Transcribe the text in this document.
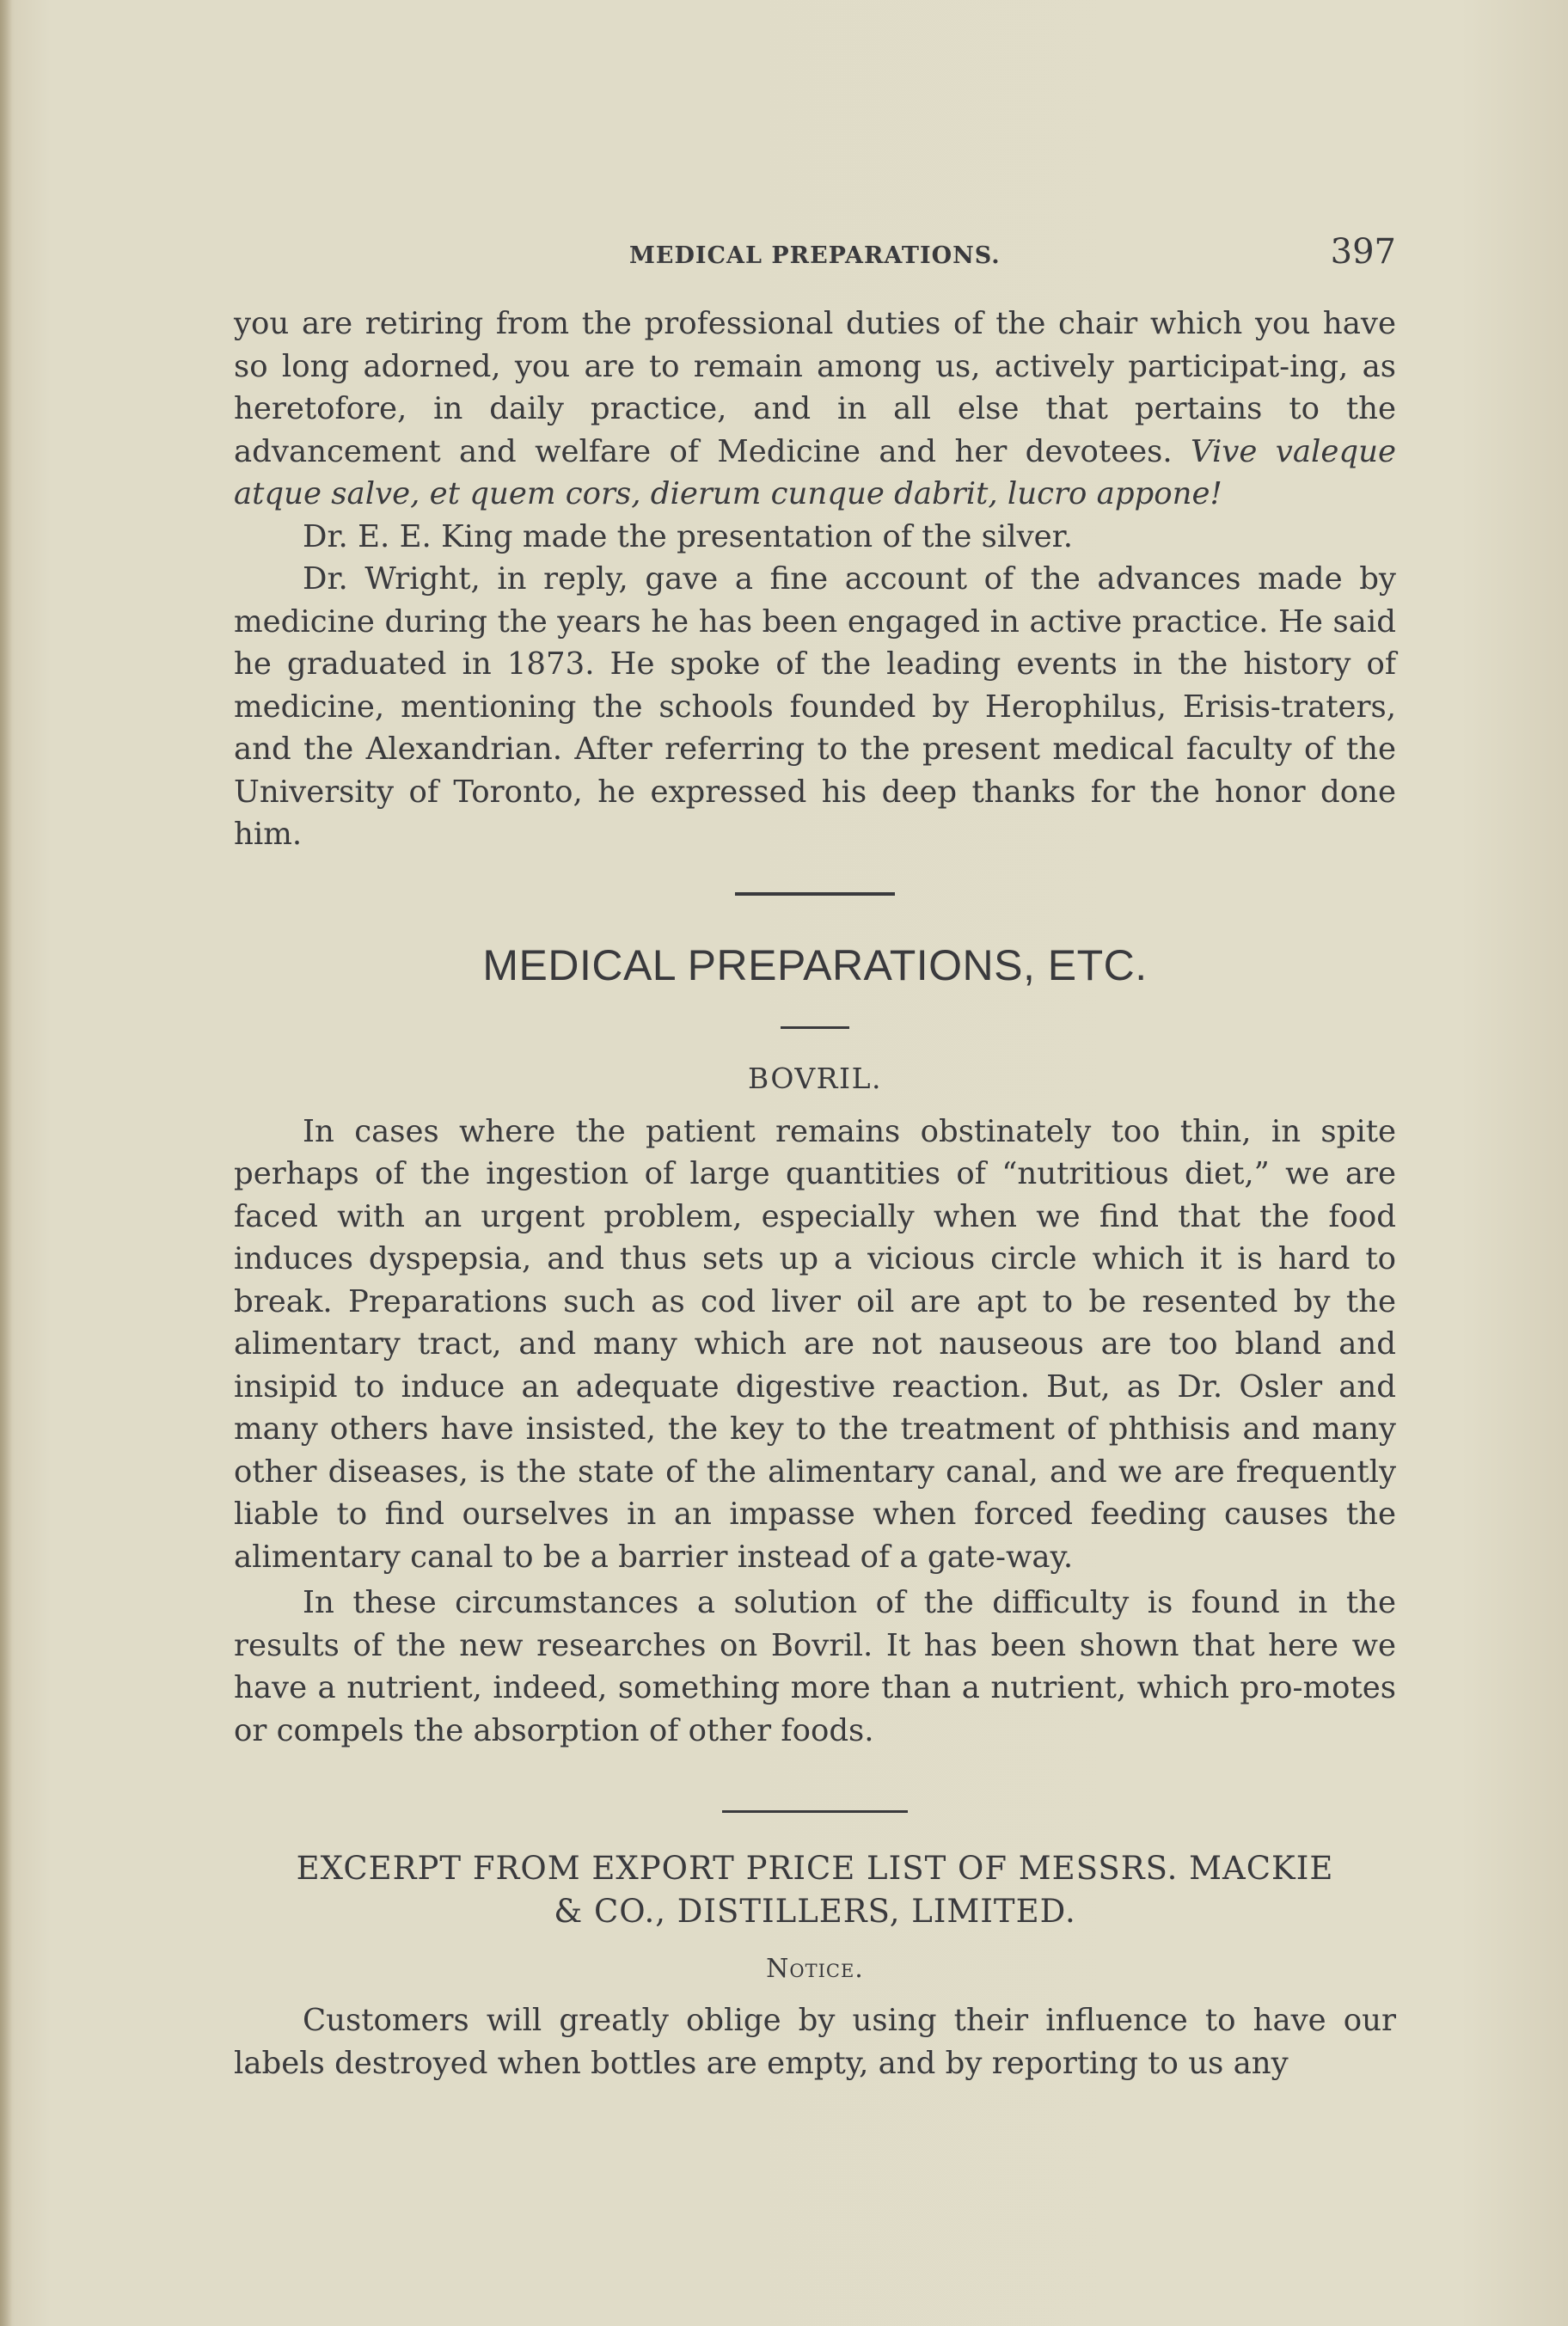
MEDICAL PREPARATIONS.	397

you are retiring from the professional duties of the chair which you have so long adorned, you are to remain among us, actively participat-ing, as heretofore, in daily practice, and in all else that pertains to the advancement and welfare of Medicine and her devotees. Vive valeque atque salve, et quem cors, dierum cunque dabrit, lucro appone!

Dr. E. E. King made the presentation of the silver.

Dr. Wright, in reply, gave a fine account of the advances made by medicine during the years he has been engaged in active practice. He said he graduated in 1873. He spoke of the leading events in the history of medicine, mentioning the schools founded by Herophilus, Erisis-traters, and the Alexandrian. After referring to the present medical faculty of the University of Toronto, he expressed his deep thanks for the honor done him.

MEDICAL PREPARATIONS, ETC.
BOVRIL.

In cases where the patient remains obstinately too thin, in spite perhaps of the ingestion of large quantities of “nutritious diet,” we are faced with an urgent problem, especially when we find that the food induces dyspepsia, and thus sets up a vicious circle which it is hard to break. Preparations such as cod liver oil are apt to be resented by the alimentary tract, and many which are not nauseous are too bland and insipid to induce an adequate digestive reaction. But, as Dr. Osler and many others have insisted, the key to the treatment of phthisis and many other diseases, is the state of the alimentary canal, and we are frequently liable to find ourselves in an impasse when forced feeding causes the alimentary canal to be a barrier instead of a gate-way.

In these circumstances a solution of the difficulty is found in the results of the new researches on Bovril. It has been shown that here we have a nutrient, indeed, something more than a nutrient, which pro-motes or compels the absorption of other foods.

EXCERPT FROM EXPORT PRICE LIST OF MESSRS. MACKIE
& CO., DISTILLERS, LIMITED.
Notice.

Customers will greatly oblige by using their influence to have our labels destroyed when bottles are empty, and by reporting to us any
